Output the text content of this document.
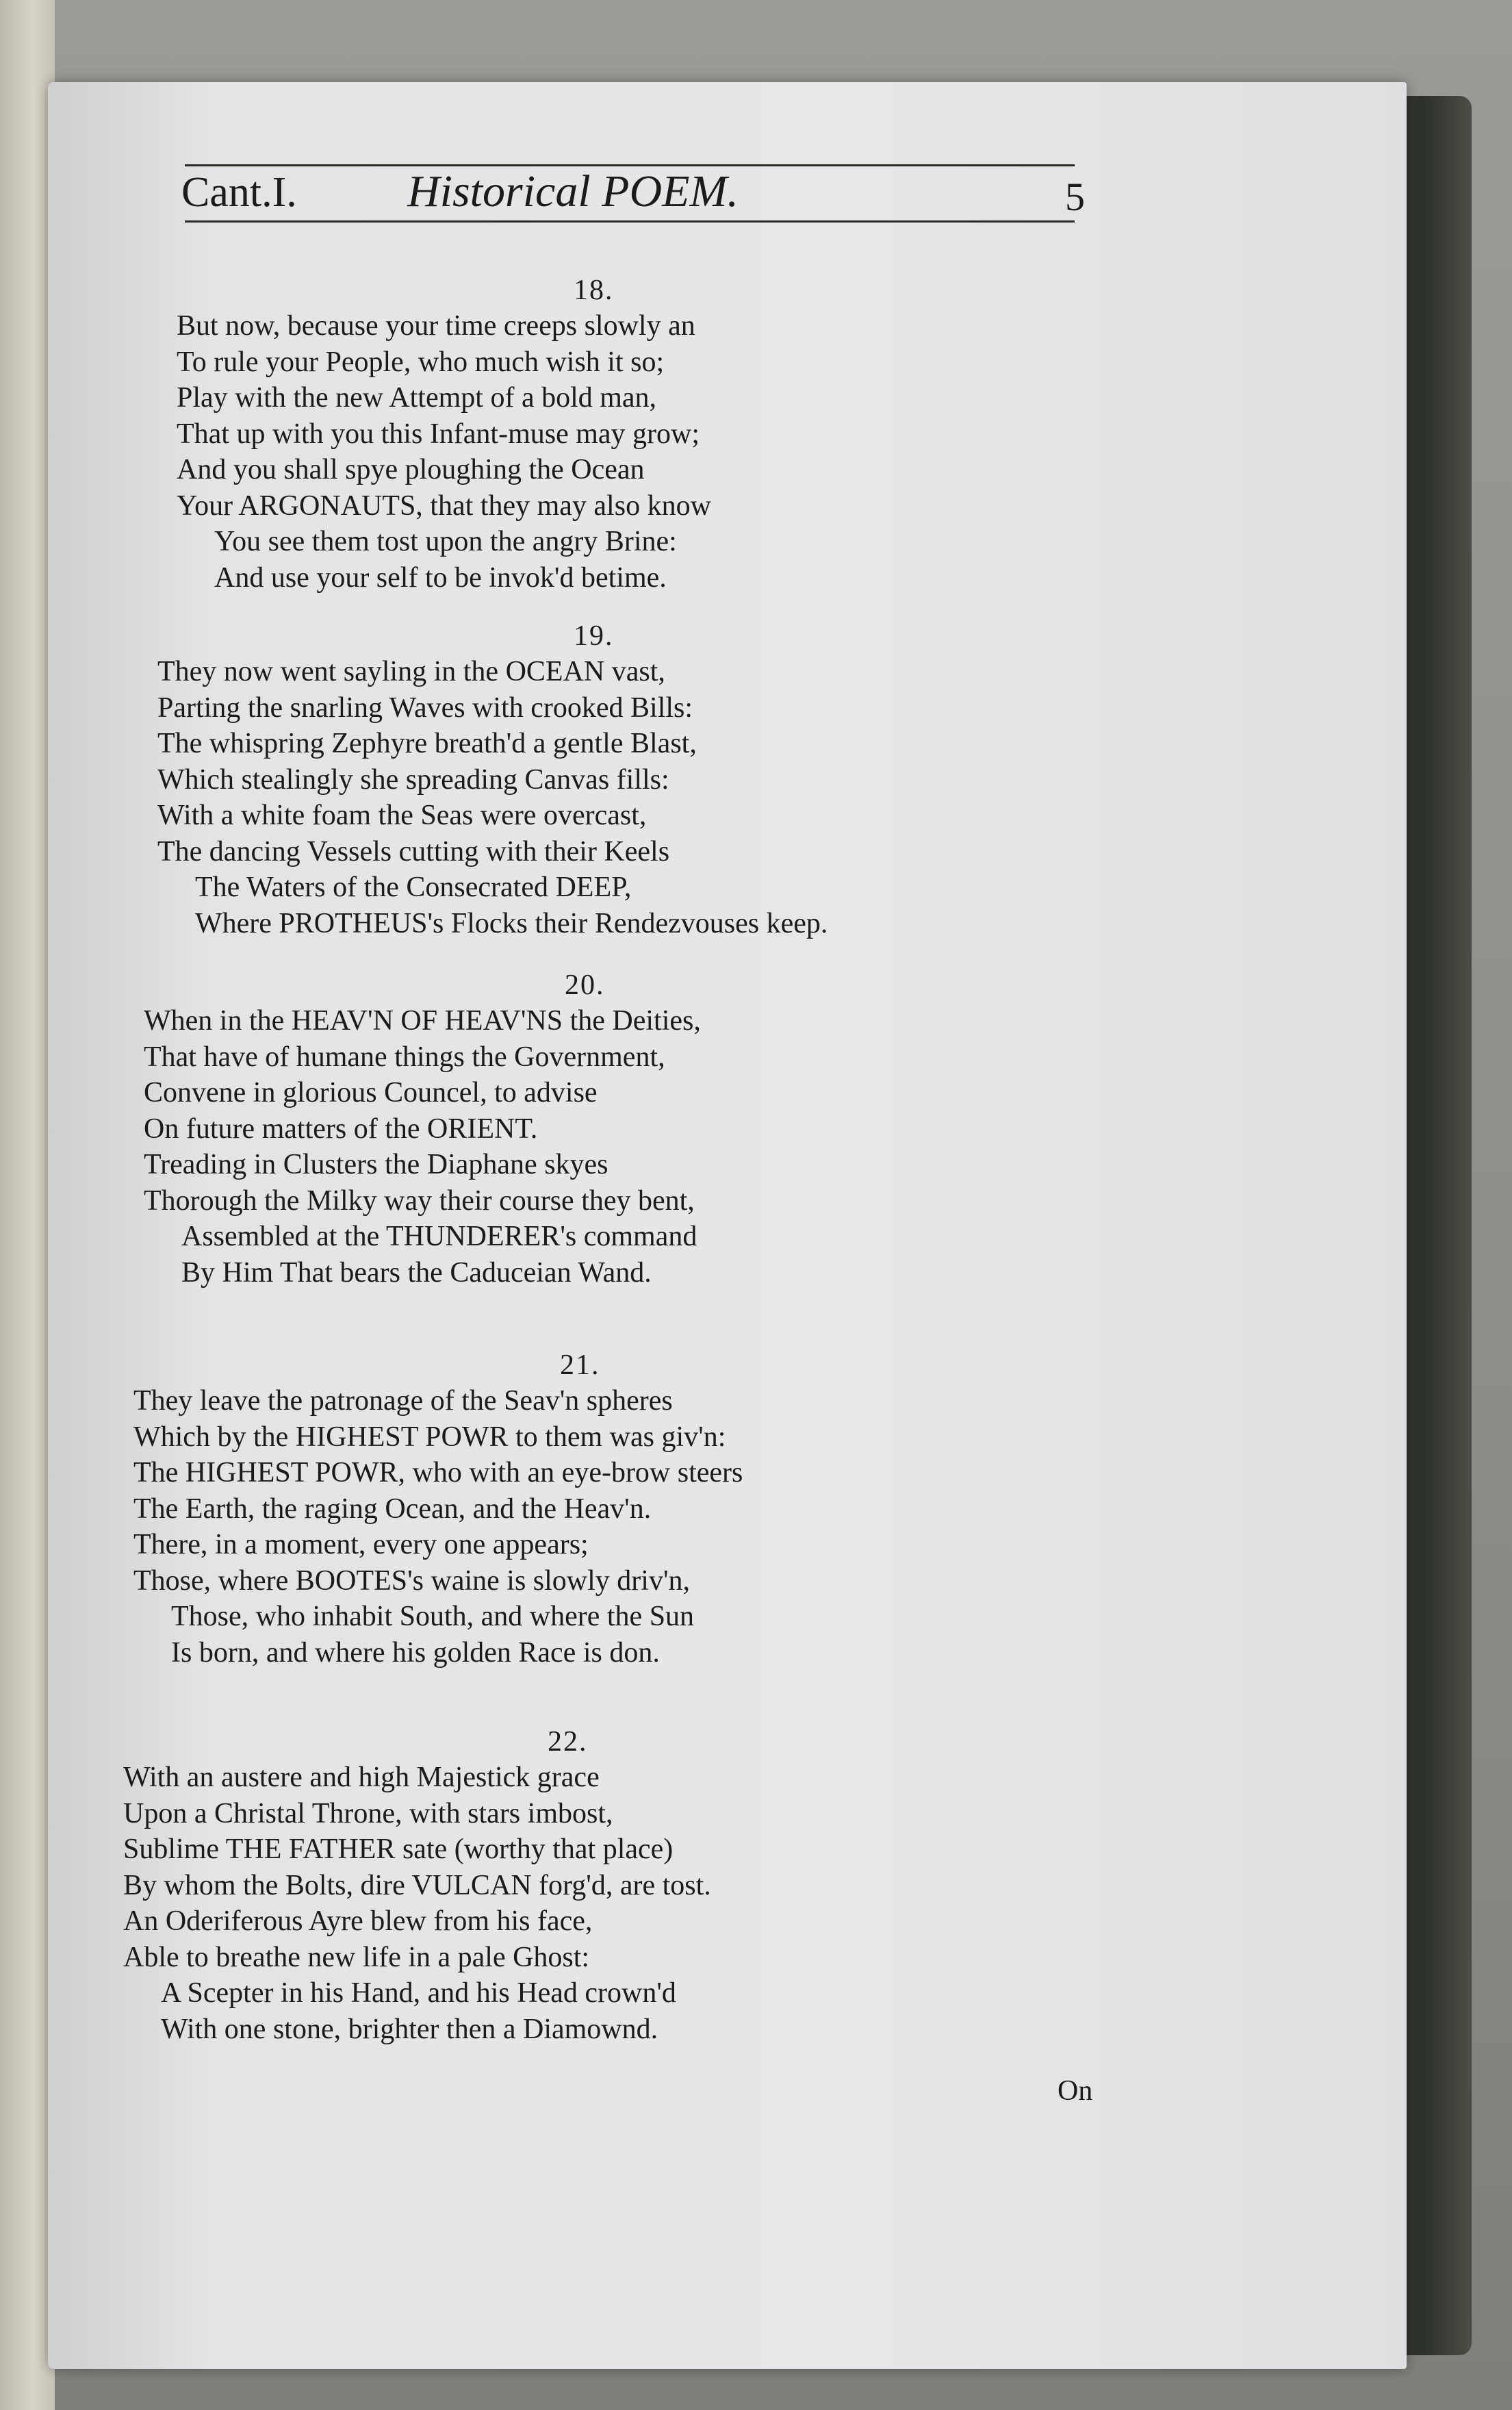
Cant.I. Historical POEM.	5
18.
But now, because your time creeps slowly an
To rule your People, who much wish it so;
Play with the new Attempt of a bold man,
That up with you this Infant-muse may grow;
And you shall spye ploughing the Ocean
Your ARGONAUTS, that they may also know
You see them tost upon the angry Brine:
And use your self to be invok'd betime.
19.
They now went sayling in the OCEAN vast,
Parting the snarling Waves with crooked Bills:
The whispring Zephyre breath'd a gentle Blast,
Which stealingly she spreading Canvas fills:
With a white foam the Seas were overcast,
The dancing Vessels cutting with their Keels
The Waters of the Consecrated DEEP,
Where PROTHEUS's Flocks their Rendezvouses keep.
20.
When in the HEAV'N OF HEAV'NS the Deities,
That have of humane things the Government,
Convene in glorious Councel, to advise
On future matters of the ORIENT.
Treading in Clusters the Diaphane skyes
Thorough the Milky way their course they bent,
Assembled at the THUNDERER's command
By Him That bears the Caduceian Wand.
21.
They leave the patronage of the Seav'n spheres
Which by the HIGHEST POWR to them was giv'n:
The HIGHEST POWR, who with an eye-brow steers
The Earth, the raging Ocean, and the Heav'n.
There, in a moment, every one appears;
Those, where BOOTES's waine is slowly driv'n,
Those, who inhabit South, and where the Sun
Is born, and where his golden Race is don.
22.
With an austere and high Majestick grace
Upon a Christal Throne, with stars imbost,
Sublime THE FATHER sate (worthy that place)
By whom the Bolts, dire VULCAN forg'd, are tost.
An Oderiferous Ayre blew from his face,
Able to breathe new life in a pale Ghost:
A Scepter in his Hand, and his Head crown'd
With one stone, brighter then a Diamownd.
On
